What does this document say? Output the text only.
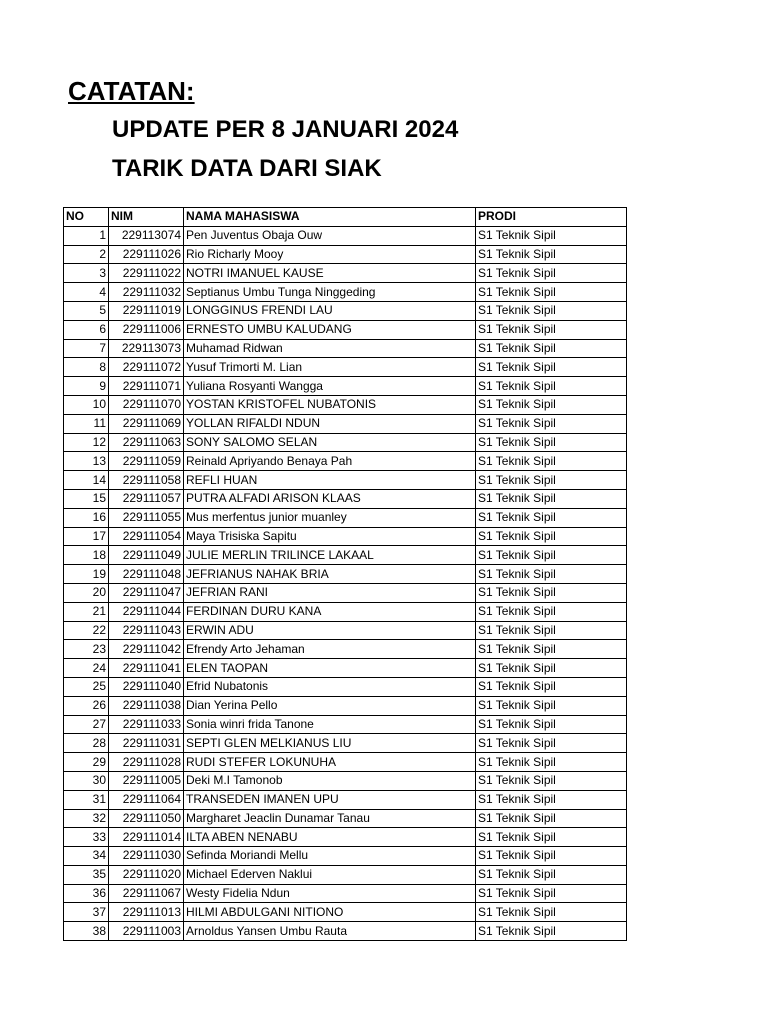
CATATAN:

UPDATE PER 8 JANUARI 2024

TARIK DATA DARI SIAK

NO	NIM	NAMA MAHASISWA	PRODI
1	229113074	Pen Juventus Obaja Ouw	S1 Teknik Sipil
2	229111026	Rio Richarly Mooy	S1 Teknik Sipil
3	229111022	NOTRI IMANUEL KAUSE	S1 Teknik Sipil
4	229111032	Septianus Umbu Tunga Ninggeding	S1 Teknik Sipil
5	229111019	LONGGINUS FRENDI LAU	S1 Teknik Sipil
6	229111006	ERNESTO UMBU KALUDANG	S1 Teknik Sipil
7	229113073	Muhamad Ridwan	S1 Teknik Sipil
8	229111072	Yusuf Trimorti M. Lian	S1 Teknik Sipil
9	229111071	Yuliana Rosyanti Wangga	S1 Teknik Sipil
10	229111070	YOSTAN KRISTOFEL NUBATONIS	S1 Teknik Sipil
11	229111069	YOLLAN RIFALDI NDUN	S1 Teknik Sipil
12	229111063	SONY SALOMO SELAN	S1 Teknik Sipil
13	229111059	Reinald Apriyando Benaya Pah	S1 Teknik Sipil
14	229111058	REFLI HUAN	S1 Teknik Sipil
15	229111057	PUTRA ALFADI ARISON KLAAS	S1 Teknik Sipil
16	229111055	Mus merfentus junior muanley	S1 Teknik Sipil
17	229111054	Maya Trisiska Sapitu	S1 Teknik Sipil
18	229111049	JULIE MERLIN TRILINCE LAKAAL	S1 Teknik Sipil
19	229111048	JEFRIANUS NAHAK BRIA	S1 Teknik Sipil
20	229111047	JEFRIAN RANI	S1 Teknik Sipil
21	229111044	FERDINAN DURU KANA	S1 Teknik Sipil
22	229111043	ERWIN ADU	S1 Teknik Sipil
23	229111042	Efrendy Arto Jehaman	S1 Teknik Sipil
24	229111041	ELEN TAOPAN	S1 Teknik Sipil
25	229111040	Efrid Nubatonis	S1 Teknik Sipil
26	229111038	Dian Yerina Pello	S1 Teknik Sipil
27	229111033	Sonia winri frida Tanone	S1 Teknik Sipil
28	229111031	SEPTI GLEN MELKIANUS LIU	S1 Teknik Sipil
29	229111028	RUDI STEFER LOKUNUHA	S1 Teknik Sipil
30	229111005	Deki M.I Tamonob	S1 Teknik Sipil
31	229111064	TRANSEDEN IMANEN UPU	S1 Teknik Sipil
32	229111050	Margharet Jeaclin Dunamar Tanau	S1 Teknik Sipil
33	229111014	ILTA ABEN NENABU	S1 Teknik Sipil
34	229111030	Sefinda Moriandi Mellu	S1 Teknik Sipil
35	229111020	Michael Ederven Naklui	S1 Teknik Sipil
36	229111067	Westy Fidelia Ndun	S1 Teknik Sipil
37	229111013	HILMI ABDULGANI NITIONO	S1 Teknik Sipil
38	229111003	Arnoldus Yansen Umbu Rauta	S1 Teknik Sipil
